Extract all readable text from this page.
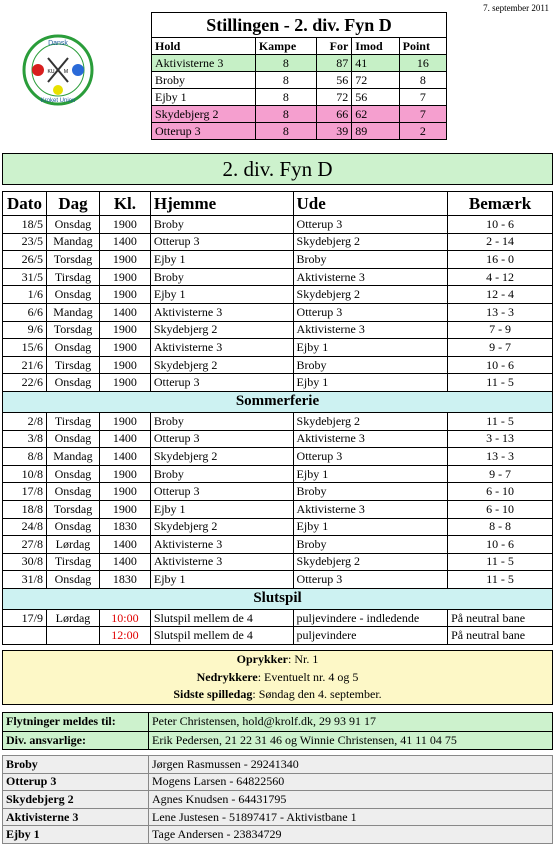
7. september 2011
Dansk
Kroket Union
KU M
Stillingen - 2. div. Fyn D				
Hold	Kampe	For	Imod	Point
Aktivisterne 3	8	87	41	16
Broby	8	56	72	8
Ejby 1	8	72	56	7
Skydebjerg 2	8	66	62	7
Otterup 3	8	39	89	2
2. div. Fyn D
Dato	Dag	Kl.	Hjemme	Ude	Bemærk
18/5	Onsdag	1900	Broby	Otterup 3	10 - 6
23/5	Mandag	1400	Otterup 3	Skydebjerg 2	2 - 14
26/5	Torsdag	1900	Ejby 1	Broby	16 - 0
31/5	Tirsdag	1900	Broby	Aktivisterne 3	4 - 12
1/6	Onsdag	1900	Ejby 1	Skydebjerg 2	12 - 4
6/6	Mandag	1400	Aktivisterne 3	Otterup 3	13 - 3
9/6	Torsdag	1900	Skydebjerg 2	Aktivisterne 3	7 - 9
15/6	Onsdag	1900	Aktivisterne 3	Ejby 1	9 - 7
21/6	Tirsdag	1900	Skydebjerg 2	Broby	10 - 6
22/6	Onsdag	1900	Otterup 3	Ejby 1	11 - 5
Sommerferie					
2/8	Tirsdag	1900	Broby	Skydebjerg 2	11 - 5
3/8	Onsdag	1400	Otterup 3	Aktivisterne 3	3 - 13
8/8	Mandag	1400	Skydebjerg 2	Otterup 3	13 - 3
10/8	Onsdag	1900	Broby	Ejby 1	9 - 7
17/8	Onsdag	1900	Otterup 3	Broby	6 - 10
18/8	Torsdag	1900	Ejby 1	Aktivisterne 3	6 - 10
24/8	Onsdag	1830	Skydebjerg 2	Ejby 1	8 - 8
27/8	Lørdag	1400	Aktivisterne 3	Broby	10 - 6
30/8	Tirsdag	1400	Aktivisterne 3	Skydebjerg 2	11 - 5
31/8	Onsdag	1830	Ejby 1	Otterup 3	11 - 5
Slutspil					
17/9	Lørdag	10:00	Slutspil mellem de 4	puljevindere - indledende	På neutral bane
		12:00	Slutspil mellem de 4	puljevindere	På neutral bane
Oprykker: Nr. 1
Nedrykkere: Eventuelt nr. 4 og 5
Sidste spilledag: Søndag den 4. september.
Flytninger meldes til:	Peter Christensen, hold@krolf.dk, 29 93 91 17
Div. ansvarlige:	Erik Pedersen, 21 22 31 46 og Winnie Christensen, 41 11 04 75
Broby	Jørgen Rasmussen - 29241340
Otterup 3	Mogens Larsen - 64822560
Skydebjerg 2	Agnes Knudsen - 64431795
Aktivisterne 3	Lene Justesen - 51897417 - Aktivistbane 1
Ejby 1	Tage Andersen - 23834729
